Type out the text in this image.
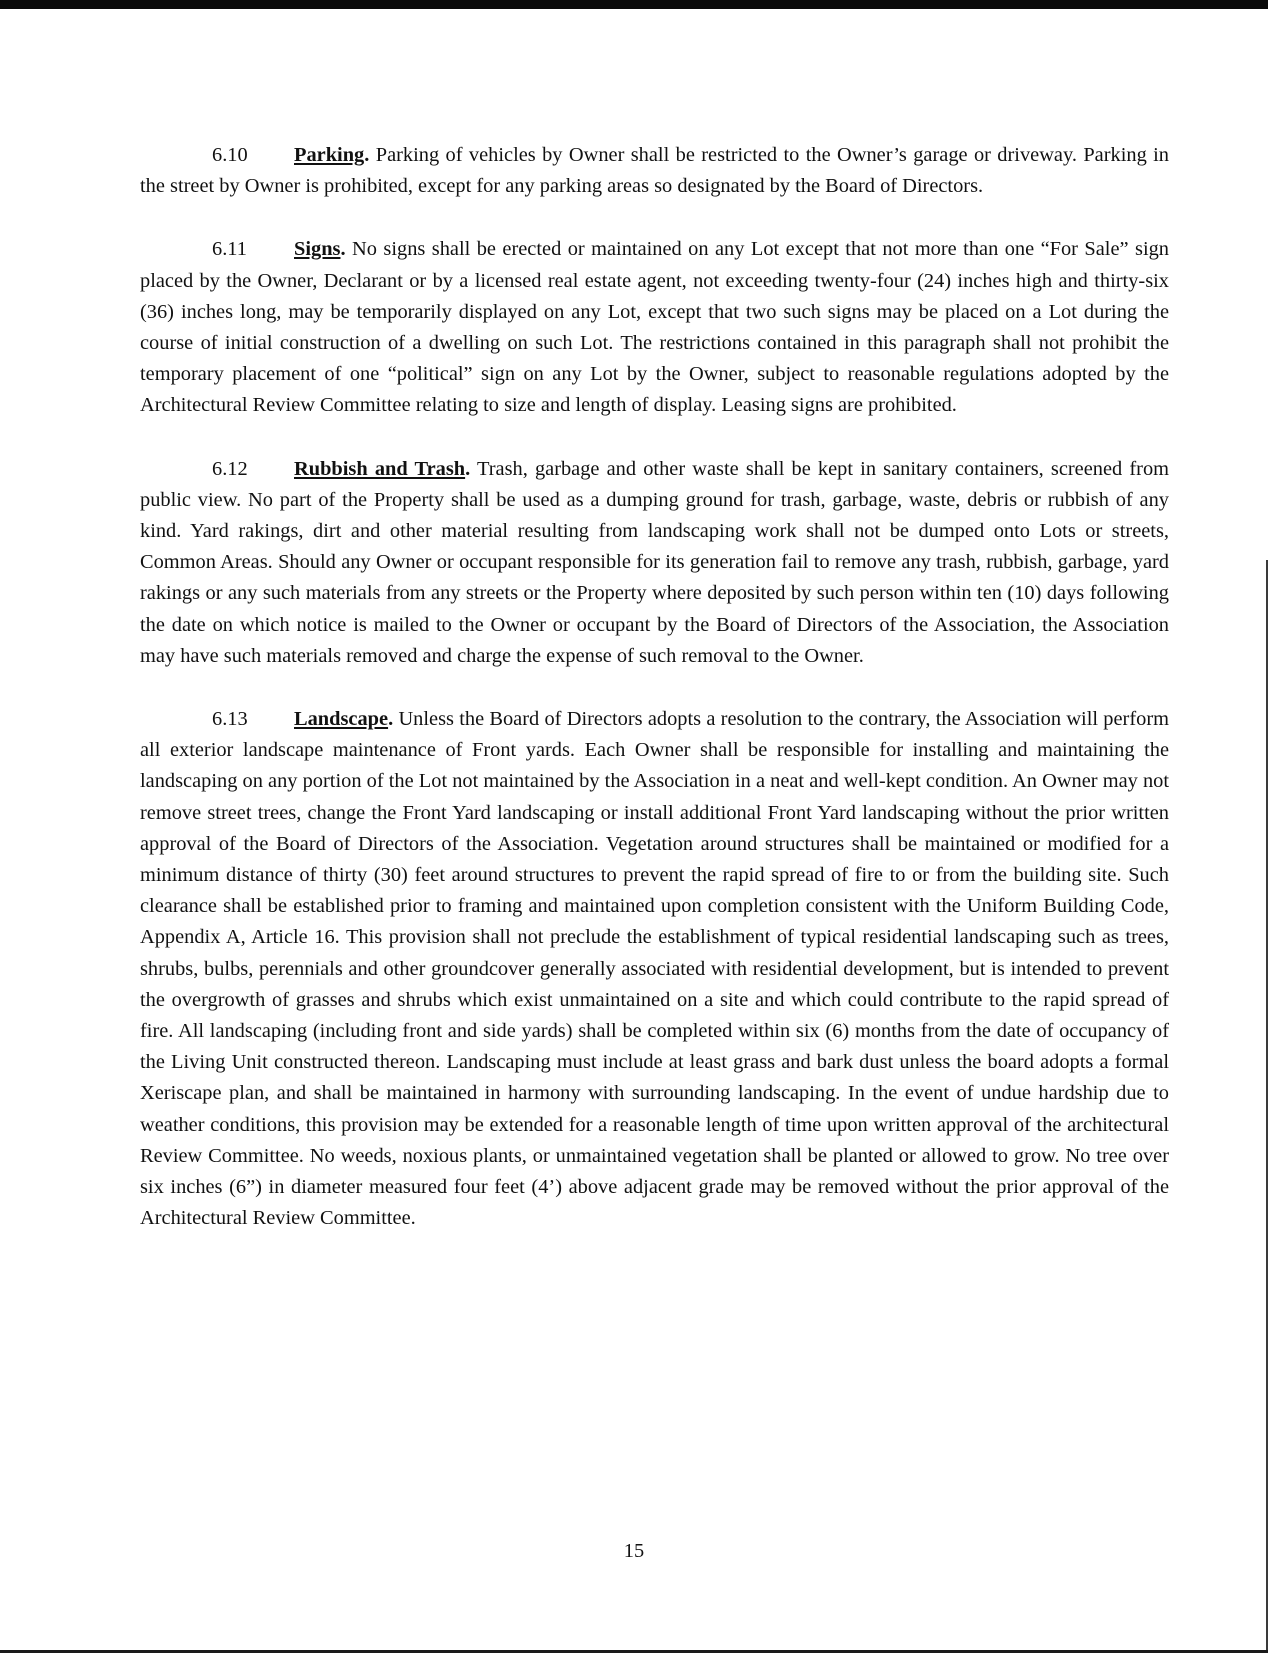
6.10 Parking. Parking of vehicles by Owner shall be restricted to the Owner’s garage or driveway. Parking in the street by Owner is prohibited, except for any parking areas so designated by the Board of Directors.

6.11 Signs. No signs shall be erected or maintained on any Lot except that not more than one “For Sale” sign placed by the Owner, Declarant or by a licensed real estate agent, not exceeding twenty-four (24) inches high and thirty-six (36) inches long, may be temporarily displayed on any Lot, except that two such signs may be placed on a Lot during the course of initial construction of a dwelling on such Lot. The restrictions contained in this paragraph shall not prohibit the temporary placement of one “political” sign on any Lot by the Owner, subject to reasonable regulations adopted by the Architectural Review Committee relating to size and length of display. Leasing signs are prohibited.

6.12 Rubbish and Trash. Trash, garbage and other waste shall be kept in sanitary containers, screened from public view. No part of the Property shall be used as a dumping ground for trash, garbage, waste, debris or rubbish of any kind. Yard rakings, dirt and other material resulting from landscaping work shall not be dumped onto Lots or streets, Common Areas. Should any Owner or occupant responsible for its generation fail to remove any trash, rubbish, garbage, yard rakings or any such materials from any streets or the Property where deposited by such person within ten (10) days following the date on which notice is mailed to the Owner or occupant by the Board of Directors of the Association, the Association may have such materials removed and charge the expense of such removal to the Owner.

6.13 Landscape. Unless the Board of Directors adopts a resolution to the contrary, the Association will perform all exterior landscape maintenance of Front yards. Each Owner shall be responsible for installing and maintaining the landscaping on any portion of the Lot not maintained by the Association in a neat and well-kept condition. An Owner may not remove street trees, change the Front Yard landscaping or install additional Front Yard landscaping without the prior written approval of the Board of Directors of the Association. Vegetation around structures shall be maintained or modified for a minimum distance of thirty (30) feet around structures to prevent the rapid spread of fire to or from the building site. Such clearance shall be established prior to framing and maintained upon completion consistent with the Uniform Building Code, Appendix A, Article 16. This provision shall not preclude the establishment of typical residential landscaping such as trees, shrubs, bulbs, perennials and other groundcover generally associated with residential development, but is intended to prevent the overgrowth of grasses and shrubs which exist unmaintained on a site and which could contribute to the rapid spread of fire. All landscaping (including front and side yards) shall be completed within six (6) months from the date of occupancy of the Living Unit constructed thereon. Landscaping must include at least grass and bark dust unless the board adopts a formal Xeriscape plan, and shall be maintained in harmony with surrounding landscaping. In the event of undue hardship due to weather conditions, this provision may be extended for a reasonable length of time upon written approval of the architectural Review Committee. No weeds, noxious plants, or unmaintained vegetation shall be planted or allowed to grow. No tree over six inches (6”) in diameter measured four feet (4’) above adjacent grade may be removed without the prior approval of the Architectural Review Committee.

15
